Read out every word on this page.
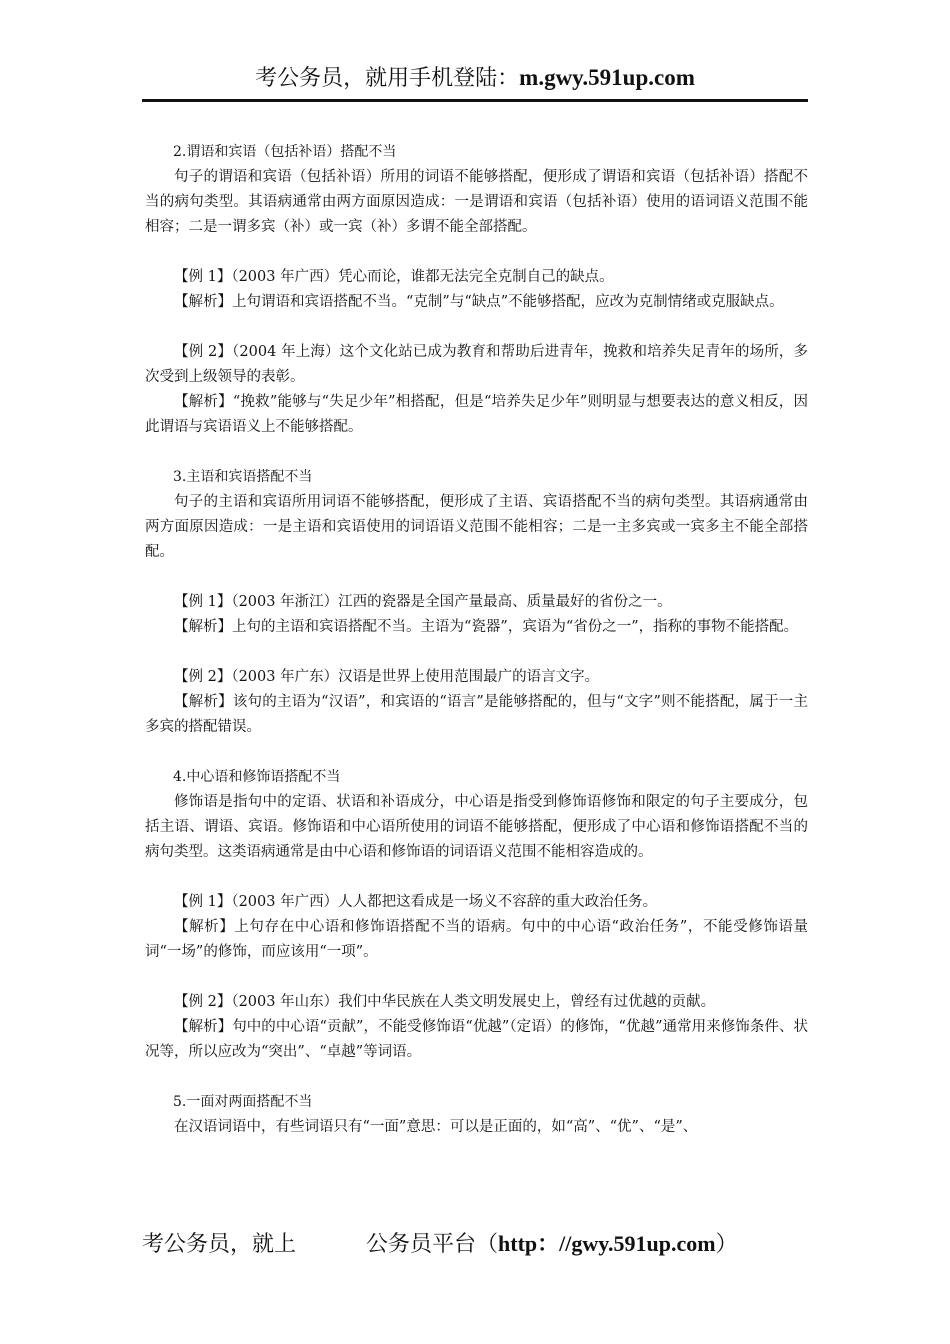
考公务员，就用手机登陆：m.gwy.591up.com

2.谓语和宾语（包括补语）搭配不当

句子的谓语和宾语（包括补语）所用的词语不能够搭配，便形成了谓语和宾语（包括补语）搭配不当的病句类型。其语病通常由两方面原因造成：一是谓语和宾语（包括补语）使用的语词语义范围不能相容；二是一谓多宾（补）或一宾（补）多谓不能全部搭配。

【例 1】（2003 年广西）凭心而论，谁都无法完全克制自己的缺点。

【解析】上句谓语和宾语搭配不当。“克制”与“缺点”不能够搭配，应改为克制情绪或克服缺点。

【例 2】（2004 年上海）这个文化站已成为教育和帮助后进青年，挽救和培养失足青年的场所，多次受到上级领导的表彰。

【解析】“挽救”能够与“失足少年”相搭配，但是“培养失足少年”则明显与想要表达的意义相反，因此谓语与宾语语义上不能够搭配。

3.主语和宾语搭配不当

句子的主语和宾语所用词语不能够搭配，便形成了主语、宾语搭配不当的病句类型。其语病通常由两方面原因造成：一是主语和宾语使用的词语语义范围不能相容；二是一主多宾或一宾多主不能全部搭配。

【例 1】（2003 年浙江）江西的瓷器是全国产量最高、质量最好的省份之一。

【解析】上句的主语和宾语搭配不当。主语为“瓷器”，宾语为“省份之一”，指称的事物不能搭配。

【例 2】（2003 年广东）汉语是世界上使用范围最广的语言文字。

【解析】该句的主语为“汉语”，和宾语的“语言”是能够搭配的，但与“文字”则不能搭配，属于一主多宾的搭配错误。

4.中心语和修饰语搭配不当

修饰语是指句中的定语、状语和补语成分，中心语是指受到修饰语修饰和限定的句子主要成分，包括主语、谓语、宾语。修饰语和中心语所使用的词语不能够搭配，便形成了中心语和修饰语搭配不当的病句类型。这类语病通常是由中心语和修饰语的词语语义范围不能相容造成的。

【例 1】（2003 年广西）人人都把这看成是一场义不容辞的重大政治任务。

【解析】上句存在中心语和修饰语搭配不当的语病。句中的中心语“政治任务”，不能受修饰语量词“一场”的修饰，而应该用“一项”。

【例 2】（2003 年山东）我们中华民族在人类文明发展史上，曾经有过优越的贡献。

【解析】句中的中心语“贡献”，不能受修饰语“优越”（定语）的修饰，“优越”通常用来修饰条件、状况等，所以应改为“突出”、“卓越”等词语。

5.一面对两面搭配不当

在汉语词语中，有些词语只有“一面”意思：可以是正面的，如“高”、“优”、“是”、

考公务员，就上	公务员平台（http：//gwy.591up.com）
